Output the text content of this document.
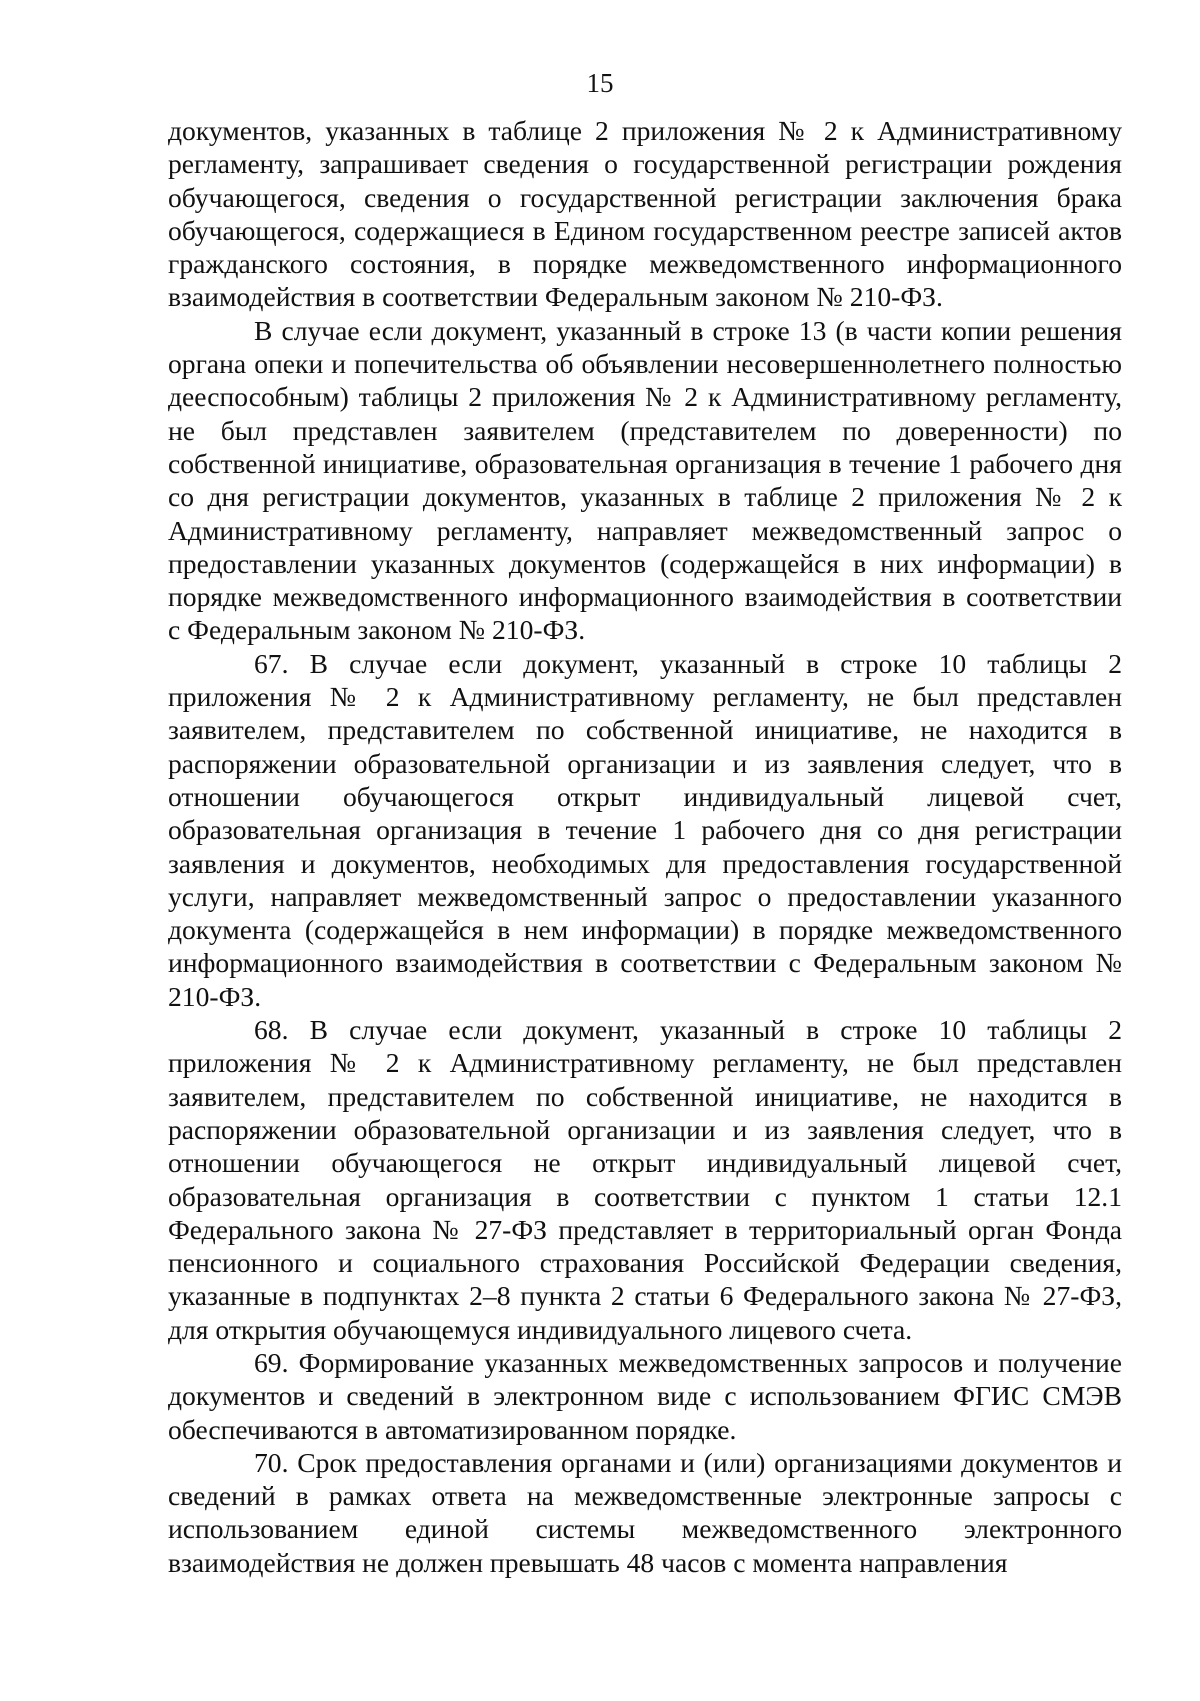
15

документов, указанных в таблице 2 приложения № 2 к Административному регламенту, запрашивает сведения о государственной регистрации рождения обучающегося, сведения о государственной регистрации заключения брака обучающегося, содержащиеся в Едином государственном реестре записей актов гражданского состояния, в порядке межведомственного информационного взаимодействия в соответствии Федеральным законом № 210-ФЗ.

В случае если документ, указанный в строке 13 (в части копии решения органа опеки и попечительства об объявлении несовершеннолетнего полностью дееспособным) таблицы 2 приложения № 2 к Административному регламенту, не был представлен заявителем (представителем по доверенности) по собственной инициативе, образовательная организация в течение 1 рабочего дня со дня регистрации документов, указанных в таблице 2 приложения № 2 к Административному регламенту, направляет межведомственный запрос о предоставлении указанных документов (содержащейся в них информации) в порядке межведомственного информационного взаимодействия в соответствии с Федеральным законом № 210-ФЗ.

67. В случае если документ, указанный в строке 10 таблицы 2 приложения № 2 к Административному регламенту, не был представлен заявителем, представителем по собственной инициативе, не находится в распоряжении образовательной организации и из заявления следует, что в отношении обучающегося открыт индивидуальный лицевой счет, образовательная организация в течение 1 рабочего дня со дня регистрации заявления и документов, необходимых для предоставления государственной услуги, направляет межведомственный запрос о предоставлении указанного документа (содержащейся в нем информации) в порядке межведомственного информационного взаимодействия в соответствии с Федеральным законом № 210-ФЗ.

68. В случае если документ, указанный в строке 10 таблицы 2 приложения № 2 к Административному регламенту, не был представлен заявителем, представителем по собственной инициативе, не находится в распоряжении образовательной организации и из заявления следует, что в отношении обучающегося не открыт индивидуальный лицевой счет, образовательная организация в соответствии с пунктом 1 статьи 12.1 Федерального закона № 27-ФЗ представляет в территориальный орган Фонда пенсионного и социального страхования Российской Федерации сведения, указанные в подпунктах 2–8 пункта 2 статьи 6 Федерального закона № 27-ФЗ, для открытия обучающемуся индивидуального лицевого счета.

69. Формирование указанных межведомственных запросов и получение документов и сведений в электронном виде с использованием ФГИС СМЭВ обеспечиваются в автоматизированном порядке.

70. Срок предоставления органами и (или) организациями документов и сведений в рамках ответа на межведомственные электронные запросы с использованием единой системы межведомственного электронного взаимодействия не должен превышать 48 часов с момента направления
